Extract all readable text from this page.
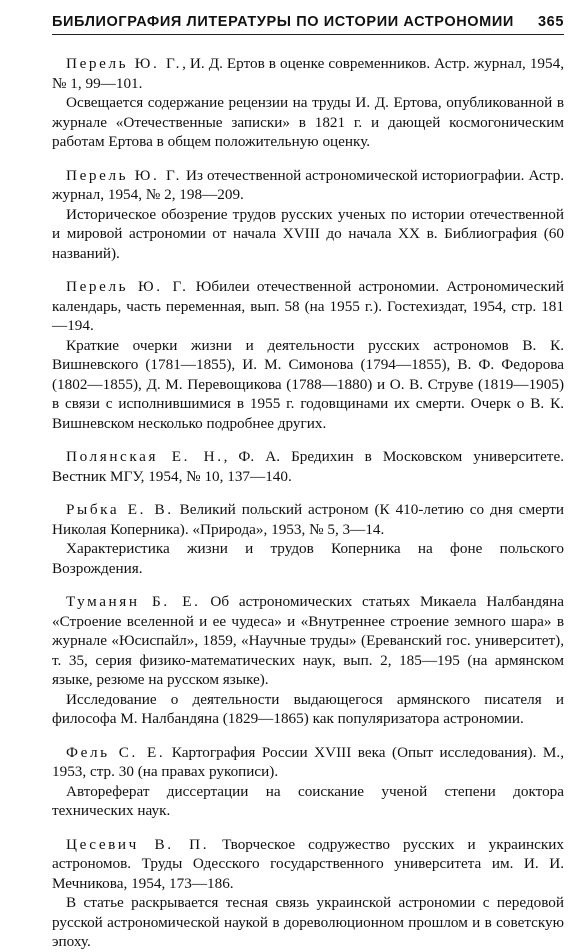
БИБЛИОГРАФИЯ ЛИТЕРАТУРЫ ПО ИСТОРИИ АСТРОНОМИИ 365

Перель Ю. Г., И. Д. Ертов в оценке современников. Астр. журнал, 1954, № 1, 99—101.

Освещается содержание рецензии на труды И. Д. Ертова, опубликованной в журнале «Отечественные записки» в 1821 г. и дающей космогоническим работам Ертова в общем положительную оценку.

Перель Ю. Г. Из отечественной астрономической историографии. Астр. журнал, 1954, № 2, 198—209.

Историческое обозрение трудов русских ученых по истории отечественной и мировой астрономии от начала XVIII до начала XX в. Библиография (60 названий).

Перель Ю. Г. Юбилеи отечественной астрономии. Астрономический календарь, часть переменная, вып. 58 (на 1955 г.). Гостехиздат, 1954, стр. 181—194.

Краткие очерки жизни и деятельности русских астрономов В. К. Вишневского (1781—1855), И. М. Симонова (1794—1855), В. Ф. Федорова (1802—1855), Д. М. Перевощикова (1788—1880) и О. В. Струве (1819—1905) в связи с исполнившимися в 1955 г. годовщинами их смерти. Очерк о В. К. Вишневском несколько подробнее других.

Полянская Е. Н., Ф. А. Бредихин в Московском университете. Вестник МГУ, 1954, № 10, 137—140.

Рыбка Е. В. Великий польский астроном (К 410-летию со дня смерти Николая Коперника). «Природа», 1953, № 5, 3—14.

Характеристика жизни и трудов Коперника на фоне польского Возрождения.

Туманян Б. Е. Об астрономических статьях Микаела Налбандяна «Строение вселенной и ее чудеса» и «Внутреннее строение земного шара» в журнале «Юсиспайл», 1859, «Научные труды» (Ереванский гос. университет), т. 35, серия физико-математических наук, вып. 2, 185—195 (на армянском языке, резюме на русском языке).

Исследование о деятельности выдающегося армянского писателя и философа М. Налбандяна (1829—1865) как популяризатора астрономии.

Фель С. Е. Картография России XVIII века (Опыт исследования). М., 1953, стр. 30 (на правах рукописи).

Автореферат диссертации на соискание ученой степени доктора технических наук.

Цесевич В. П. Творческое содружество русских и украинских астрономов. Труды Одесского государственного университета им. И. И. Мечникова, 1954, 173—186.

В статье раскрывается тесная связь украинской астрономии с передовой русской астрономической наукой в дореволюционном прошлом и в советскую эпоху.
